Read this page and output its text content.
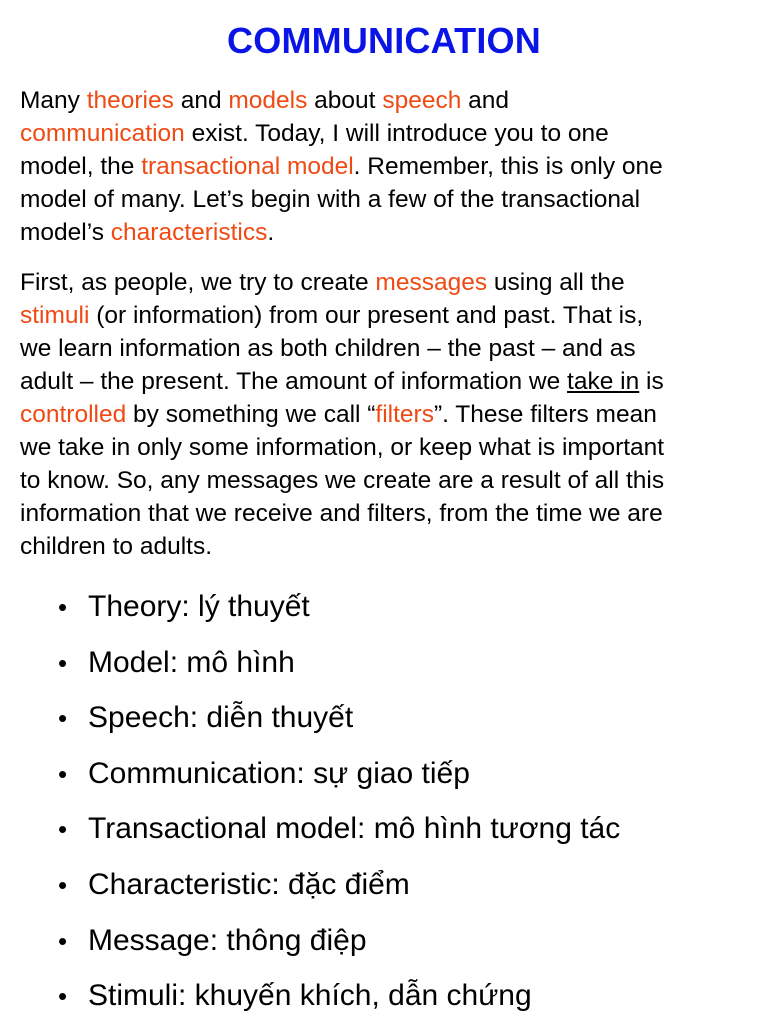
COMMUNICATION

Many theories and models about speech and
communication exist. Today, I will introduce you to one
model, the transactional model. Remember, this is only one
model of many. Let’s begin with a few of the transactional
model’s characteristics.

First, as people, we try to create messages using all the
stimuli (or information) from our present and past. That is,
we learn information as both children – the past – and as
adult – the present. The amount of information we take in is
controlled by something we call “filters”. These filters mean
we take in only some information, or keep what is important
to know. So, any messages we create are a result of all this
information that we receive and filters, from the time we are
children to adults.

• Theory: lý thuyết
• Model: mô hình
• Speech: diễn thuyết
• Communication: sự giao tiếp
• Transactional model: mô hình tương tác
• Characteristic: đặc điểm
• Message: thông điệp
• Stimuli: khuyến khích, dẫn chứng
